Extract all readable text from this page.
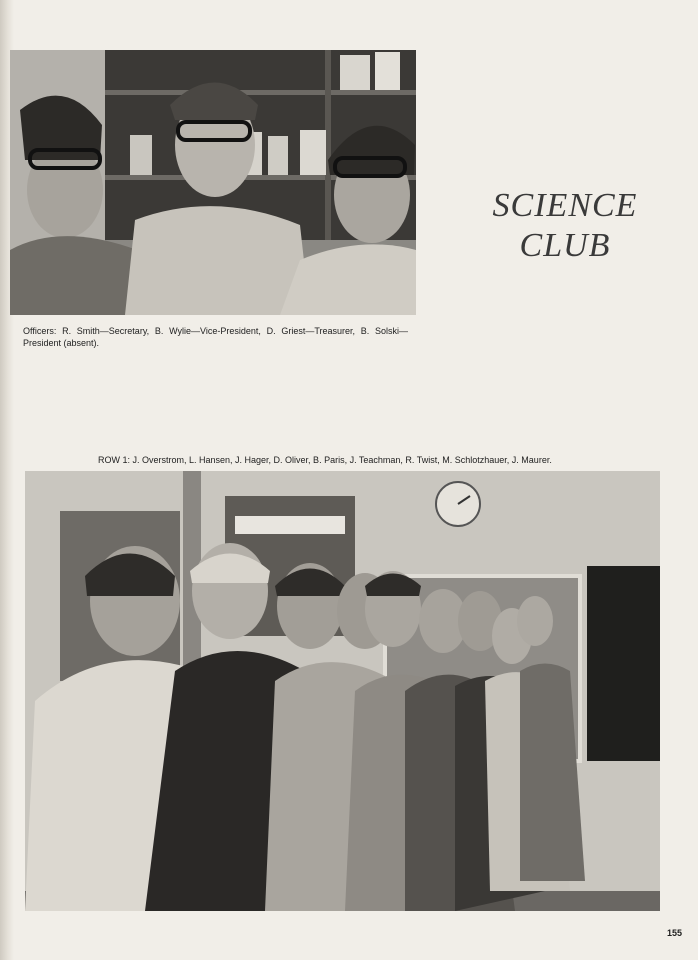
SCIENCE
CLUB
Officers: R. Smith—Secretary, B. Wylie—Vice-President, D. Griest—Treasurer, B. Solski—President (absent).
ROW 1: J. Overstrom, L. Hansen, J. Hager, D. Oliver, B. Paris, J. Teachman, R. Twist, M. Schlotzhauer, J. Maurer.
155
